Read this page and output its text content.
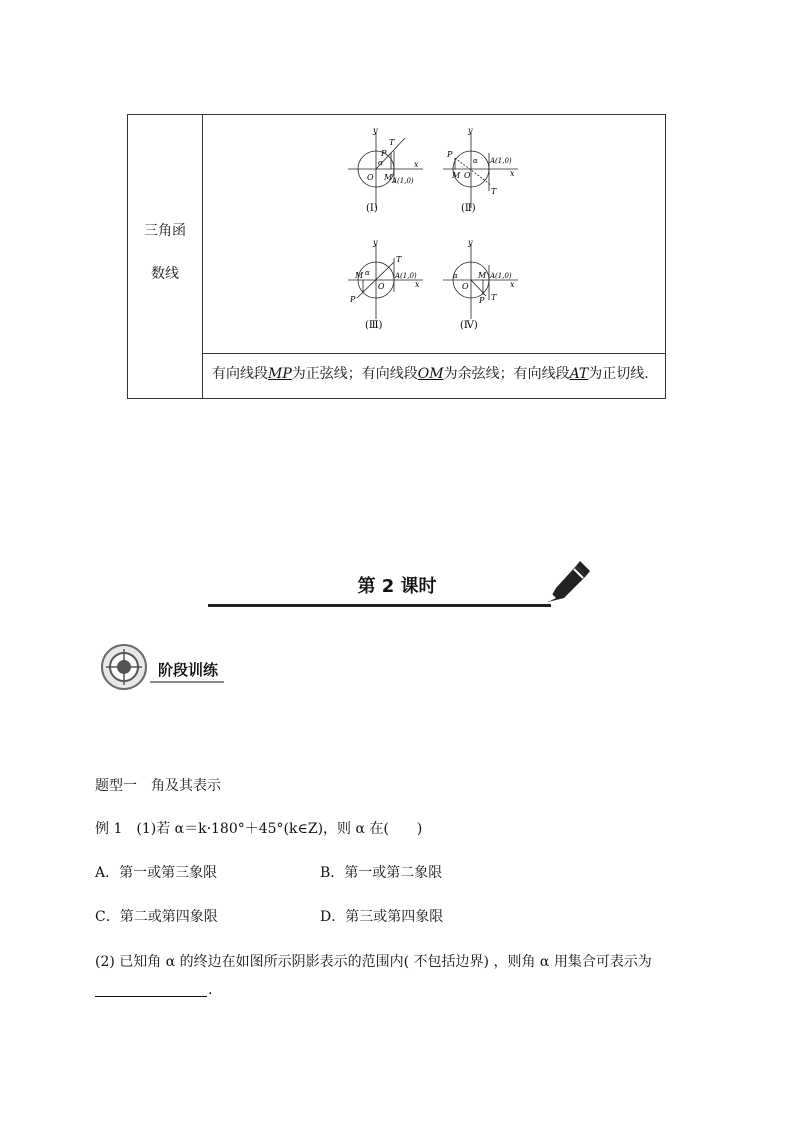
三角函
数线
y
x
O M
P
T
α
A(1,0)
(Ⅰ)
y
x
O
M
P
T
α A(1,0)
(Ⅱ)
y
x
O
M
P
T
α	A(1,0)
(Ⅲ)
y
x
O
M
P T
α	A(1,0)
(Ⅳ)
有向线段MP为正弦线；有向线段OM为余弦线；有向线段AT为正切线.
第 2 课时
阶段训练
题型一　角及其表示
例 1　(1)若 α＝k·180°＋45°(k∈Z)，则 α 在(　　)
A．第一或第三象限	B．第一或第二象限
C．第二或第四象限	D．第三或第四象限
(2) 已知角 α 的终边在如图所示阴影表示的范围内( 不包括边界) ，则角 α 用集合可表示为
.
